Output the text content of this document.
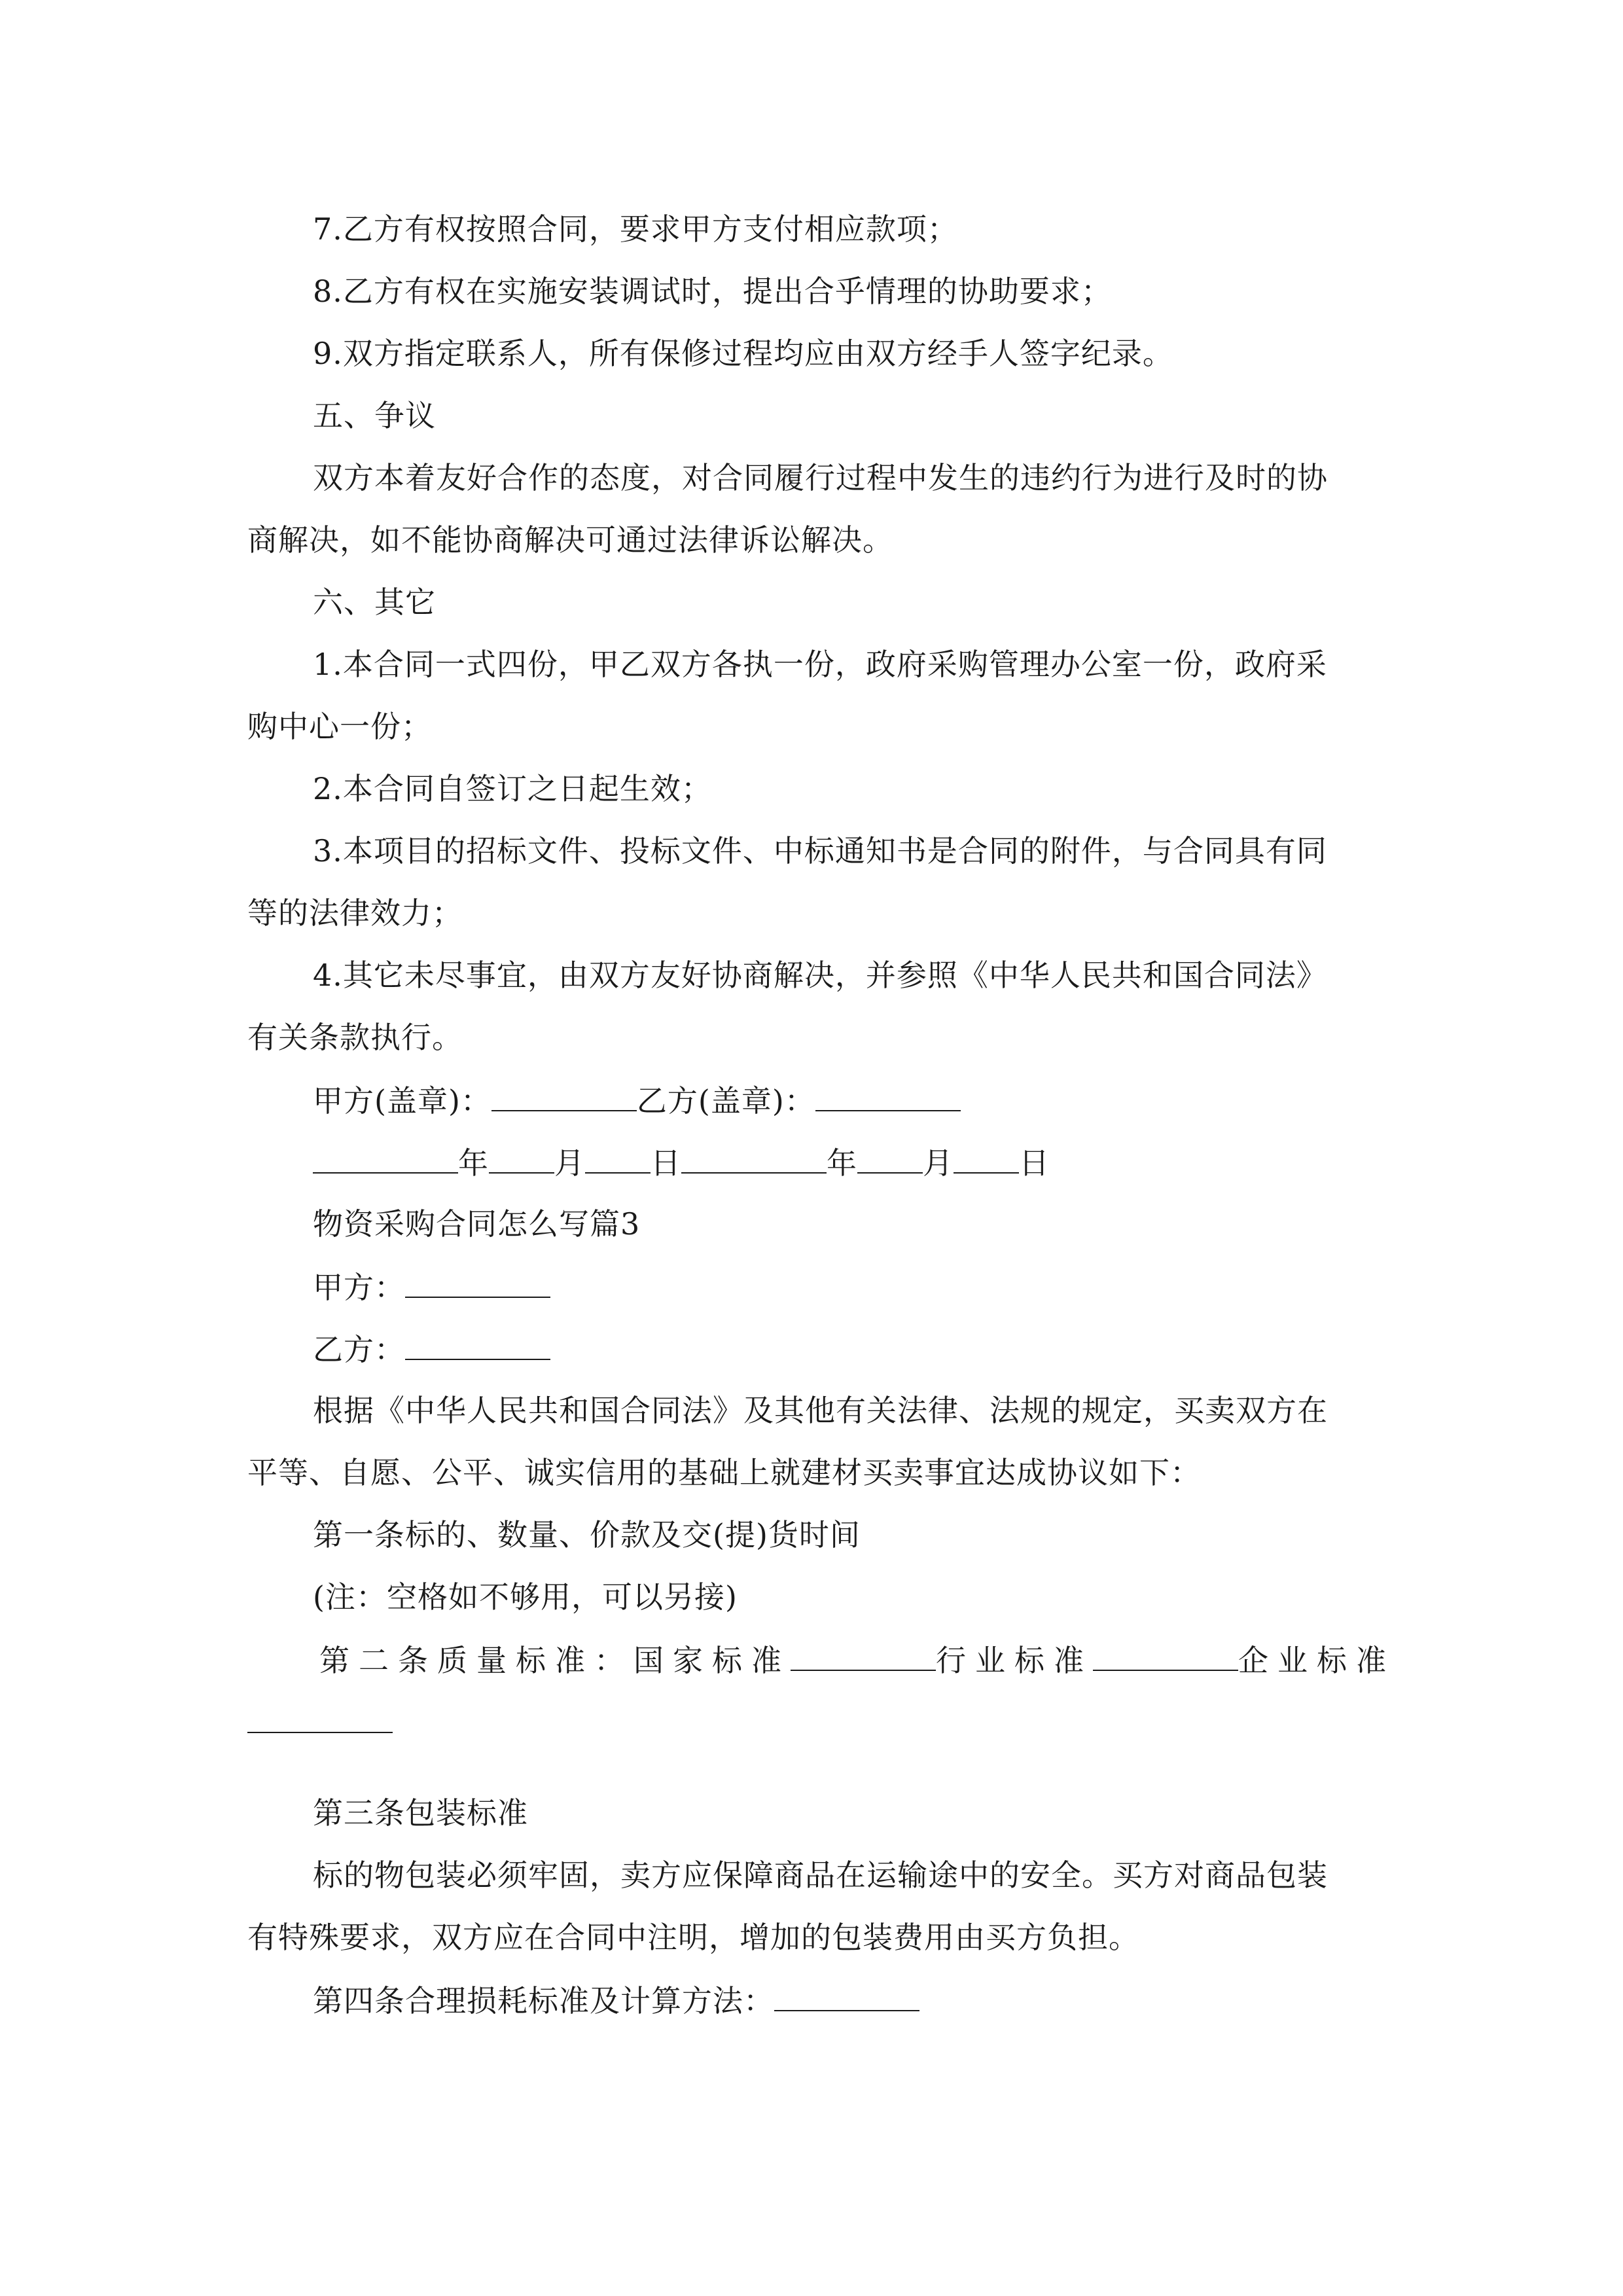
7.乙方有权按照合同，要求甲方支付相应款项；
8.乙方有权在实施安装调试时，提出合乎情理的协助要求；
9.双方指定联系人，所有保修过程均应由双方经手人签字纪录。
五、争议
双方本着友好合作的态度，对合同履行过程中发生的违约行为进行及时的协
商解决，如不能协商解决可通过法律诉讼解决。
六、其它
1.本合同一式四份，甲乙双方各执一份，政府采购管理办公室一份，政府采
购中心一份；
2.本合同自签订之日起生效；
3.本项目的招标文件、投标文件、中标通知书是合同的附件，与合同具有同
等的法律效力；
4.其它未尽事宜，由双方友好协商解决，并参照《中华人民共和国合同法》
有关条款执行。
甲方(盖章)：	乙方(盖章)：
年 月 日	年 月 日
物资采购合同怎么写篇3
甲方：
乙方：
根据《中华人民共和国合同法》及其他有关法律、法规的规定，买卖双方在
平等、自愿、公平、诚实信用的基础上就建材买卖事宜达成协议如下：
第一条标的、数量、价款及交(提)货时间
(注：空格如不够用，可以另接)
第二条质量标准：国家标准	行业标准	企业标准
第三条包装标准
标的物包装必须牢固，卖方应保障商品在运输途中的安全。买方对商品包装
有特殊要求，双方应在合同中注明，增加的包装费用由买方负担。
第四条合理损耗标准及计算方法：
